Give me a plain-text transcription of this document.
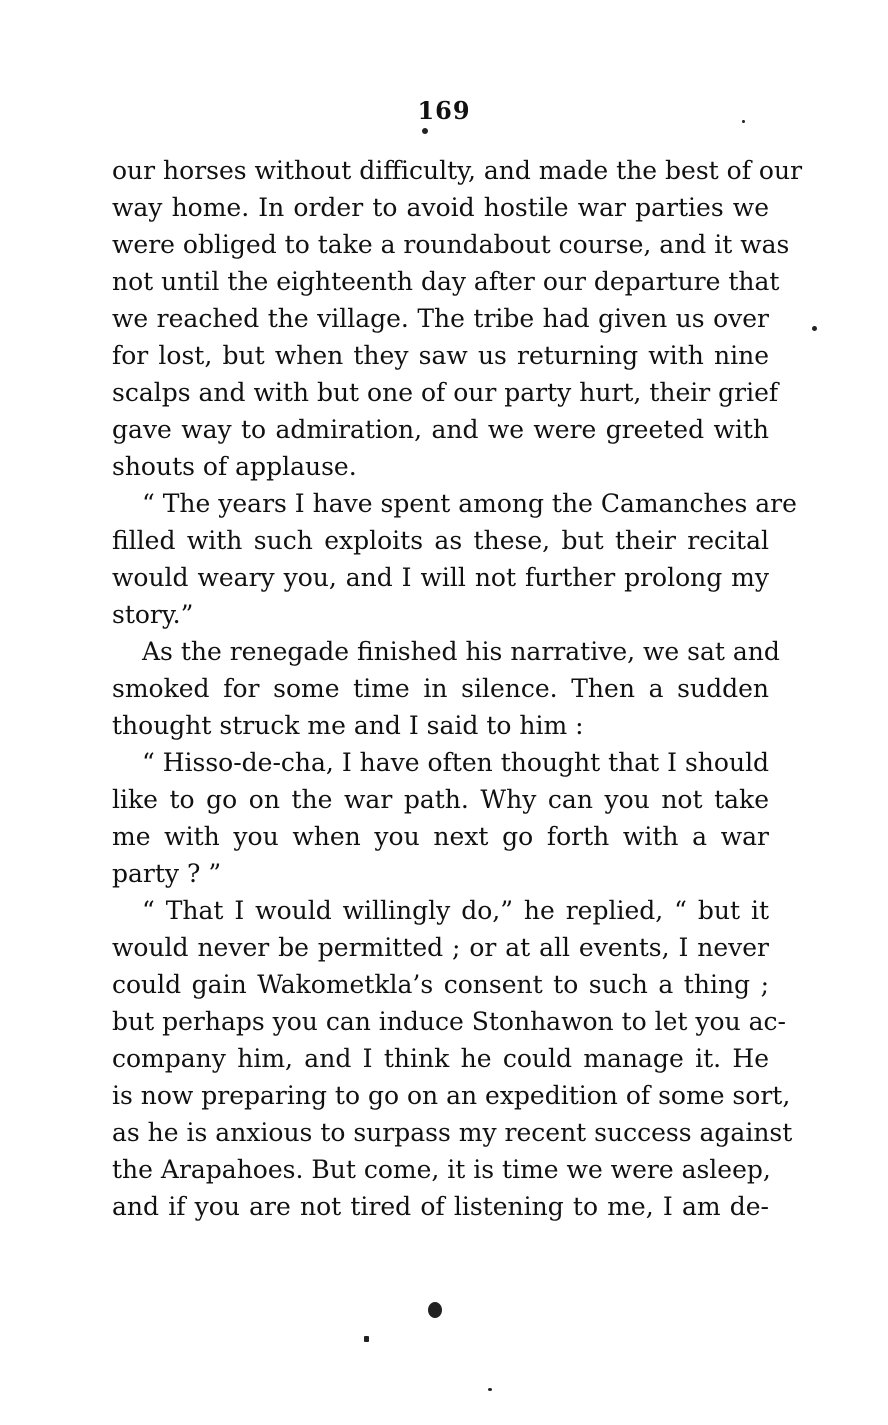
169
our horses without difficulty, and made the best of our
way home. In order to avoid hostile war parties we
were obliged to take a roundabout course, and it was
not until the eighteenth day after our departure that
we reached the village. The tribe had given us over
for lost, but when they saw us returning with nine
scalps and with but one of our party hurt, their grief
gave way to admiration, and we were greeted with
shouts of applause.
“ The years I have spent among the Camanches are
filled with such exploits as these, but their recital
would weary you, and I will not further prolong my
story.”
As the renegade finished his narrative, we sat and
smoked for some time in silence. Then a sudden
thought struck me and I said to him :
“ Hisso-de-cha, I have often thought that I should
like to go on the war path. Why can you not take
me with you when you next go forth with a war
party ? ”
“ That I would willingly do,” he replied, “ but it
would never be permitted ; or at all events, I never
could gain Wakometkla’s consent to such a thing ;
but perhaps you can induce Stonhawon to let you ac-
company him, and I think he could manage it. He
is now preparing to go on an expedition of some sort,
as he is anxious to surpass my recent success against
the Arapahoes. But come, it is time we were asleep,
and if you are not tired of listening to me, I am de-
